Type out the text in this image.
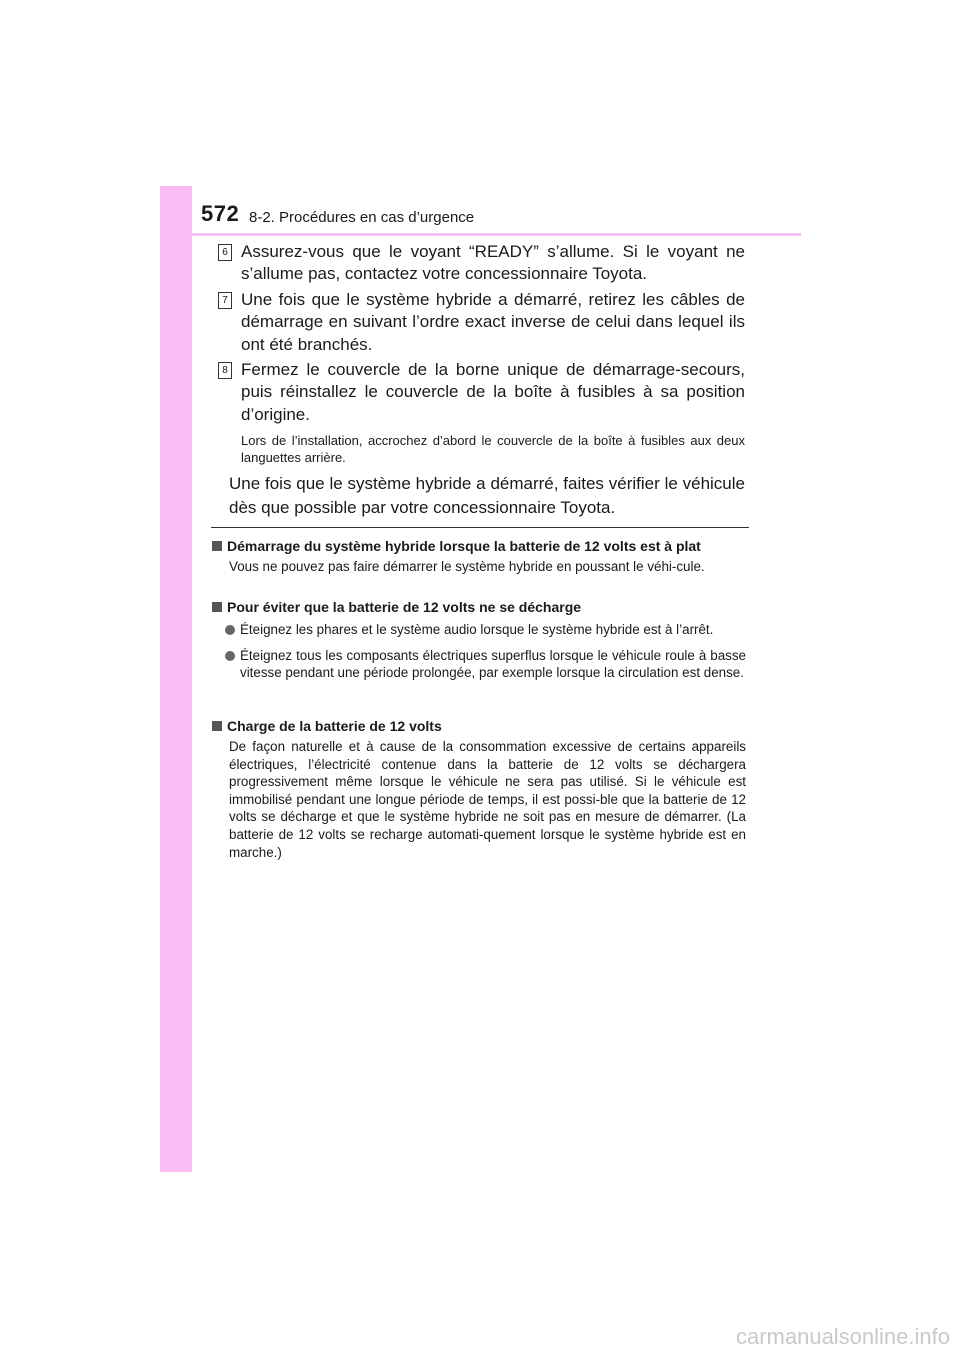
572 8-2. Procédures en cas d’urgence
6 Assurez-vous que le voyant “READY” s’allume. Si le voyant ne s’allume pas, contactez votre concessionnaire Toyota.
7 Une fois que le système hybride a démarré, retirez les câbles de démarrage en suivant l’ordre exact inverse de celui dans lequel ils ont été branchés.
8 Fermez le couvercle de la borne unique de démarrage-secours, puis réinstallez le couvercle de la boîte à fusibles à sa position d’origine.
Lors de l’installation, accrochez d’abord le couvercle de la boîte à fusibles aux deux languettes arrière.
Une fois que le système hybride a démarré, faites vérifier le véhicule dès que possible par votre concessionnaire Toyota.
Démarrage du système hybride lorsque la batterie de 12 volts est à plat
Vous ne pouvez pas faire démarrer le système hybride en poussant le véhi-cule.
Pour éviter que la batterie de 12 volts ne se décharge
Éteignez les phares et le système audio lorsque le système hybride est à l’arrêt.
Éteignez tous les composants électriques superflus lorsque le véhicule roule à basse vitesse pendant une période prolongée, par exemple lorsque la circulation est dense.
Charge de la batterie de 12 volts
De façon naturelle et à cause de la consommation excessive de certains appareils électriques, l’électricité contenue dans la batterie de 12 volts se déchargera progressivement même lorsque le véhicule ne sera pas utilisé. Si le véhicule est immobilisé pendant une longue période de temps, il est possi-ble que la batterie de 12 volts se décharge et que le système hybride ne soit pas en mesure de démarrer. (La batterie de 12 volts se recharge automati-quement lorsque le système hybride est en marche.)
carmanualsonline.info
